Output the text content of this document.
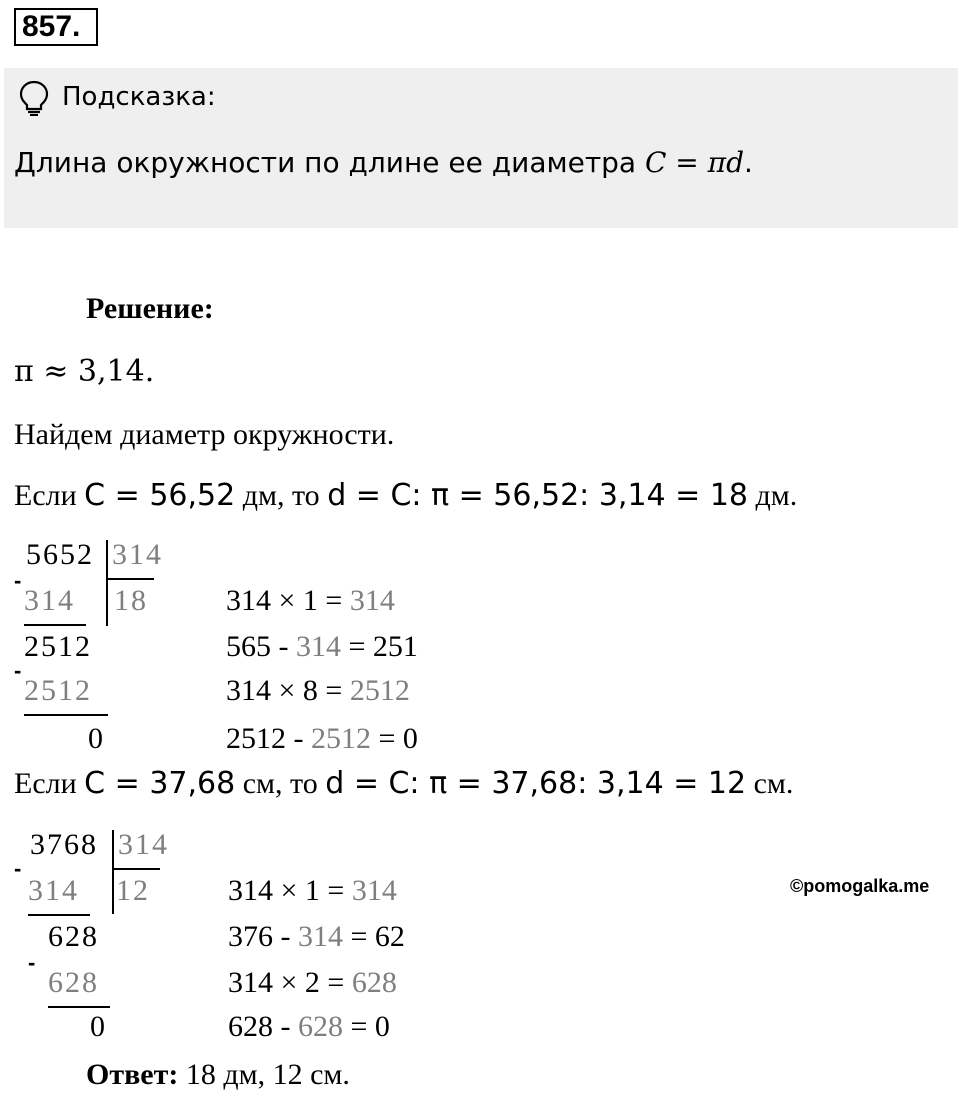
857.
Подсказка:
Длина окружности по длине ее диаметра C = πd.
Решение:
π ≈ 3,14.
Найдем диаметр окружности.
Если C = 56,52 дм, то d = C: π = 56,52: 3,14 = 18 дм.
5652 314
-
314 18
2512
-
2512
0
314 × 1 = 314
565 - 314 = 251
314 × 8 = 2512
2512 - 2512 = 0
Если C = 37,68 см, то d = C: π = 37,68: 3,14 = 12 см.
3768 314
-
314 12
628
-
628
0
314 × 1 = 314
376 - 314 = 62
314 × 2 = 628
628 - 628 = 0
©pomogalka.me
Ответ: 18 дм, 12 см.
